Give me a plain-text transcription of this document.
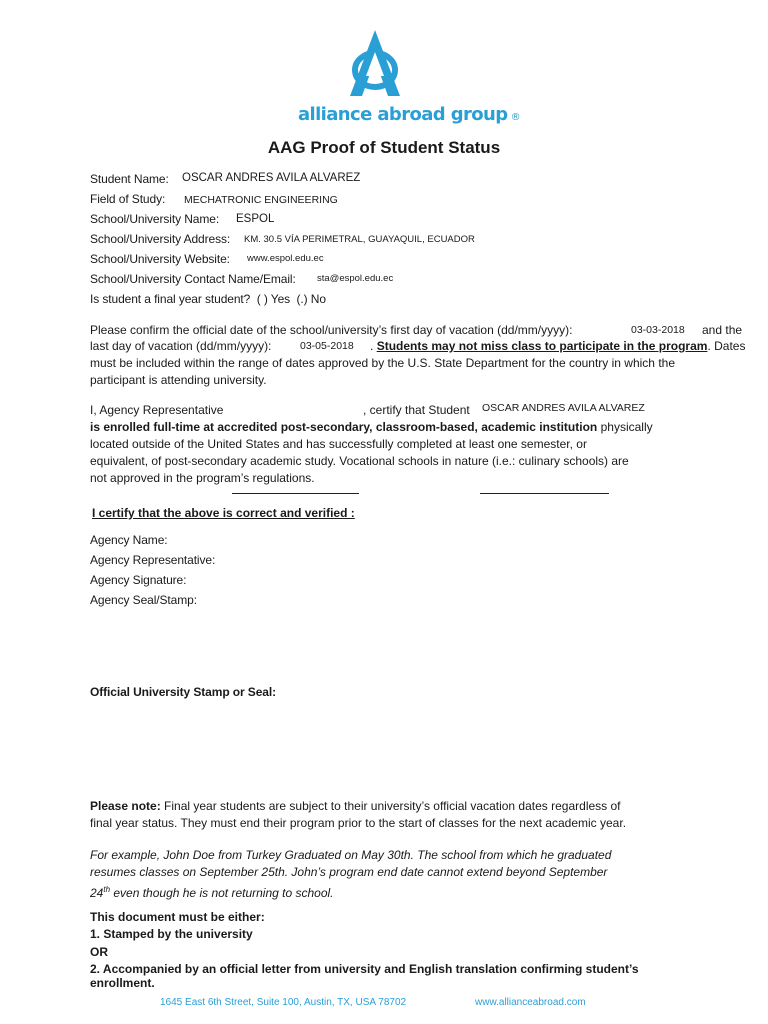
alliance abroad group ®
AAG Proof of Student Status
Student Name: OSCAR ANDRES AVILA ALVAREZ
Field of Study: MECHATRONIC ENGINEERING
School/University Name: ESPOL
School/University Address: KM. 30.5 VÍA PERIMETRAL, GUAYAQUIL, ECUADOR
School/University Website: www.espol.edu.ec
School/University Contact Name/Email: sta@espol.edu.ec
Is student a final year student? ( ) Yes (.) No
Please confirm the official date of the school/university’s first day of vacation (dd/mm/yyyy):	03-03-2018 and the
last day of vacation (dd/mm/yyyy):	03-05-2018 . Students may not miss class to participate in the program. Dates
must be included within the range of dates approved by the U.S. State Department for the country in which the
participant is attending university.
I, Agency Representative	, certify that Student OSCAR ANDRES AVILA ALVAREZ
is enrolled full-time at accredited post-secondary, classroom-based, academic institution physically
located outside of the United States and has successfully completed at least one semester, or
equivalent, of post-secondary academic study. Vocational schools in nature (i.e.: culinary schools) are
not approved in the program’s regulations.
I certify that the above is correct and verified :
Agency Name:
Agency Representative:
Agency Signature:
Agency Seal/Stamp:
Official University Stamp or Seal:
Please note: Final year students are subject to their university’s official vacation dates regardless of
final year status. They must end their program prior to the start of classes for the next academic year.
For example, John Doe from Turkey Graduated on May 30th. The school from which he graduated
resumes classes on September 25th. John’s program end date cannot extend beyond September
24th even though he is not returning to school.
This document must be either:
1. Stamped by the university
OR
2. Accompanied by an official letter from university and English translation confirming student’s
enrollment.
1645 East 6th Street, Suite 100, Austin, TX, USA 78702	www.allianceabroad.com
